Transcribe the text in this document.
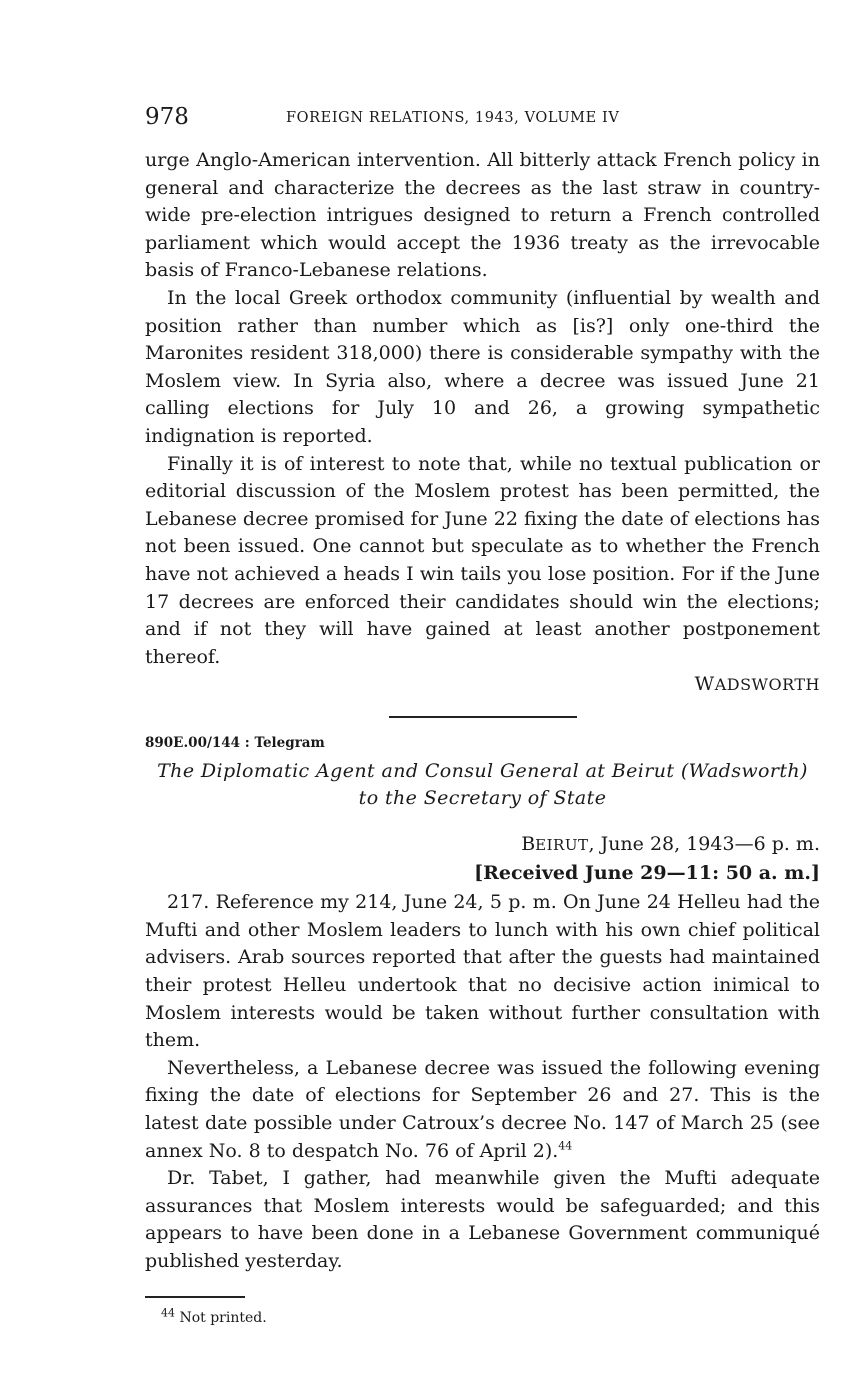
978	FOREIGN RELATIONS, 1943, VOLUME IV

urge Anglo-American intervention. All bitterly attack French policy in general and characterize the decrees as the last straw in country-wide pre-election intrigues designed to return a French controlled parliament which would accept the 1936 treaty as the irrevocable basis of Franco-Lebanese relations.

In the local Greek orthodox community (influential by wealth and position rather than number which as [is?] only one-third the Maronites resident 318,000) there is considerable sympathy with the Moslem view. In Syria also, where a decree was issued June 21 calling elections for July 10 and 26, a growing sympathetic indignation is reported.

Finally it is of interest to note that, while no textual publication or editorial discussion of the Moslem protest has been permitted, the Lebanese decree promised for June 22 fixing the date of elections has not been issued. One cannot but speculate as to whether the French have not achieved a heads I win tails you lose position. For if the June 17 decrees are enforced their candidates should win the elections; and if not they will have gained at least another postponement thereof.

WADSWORTH
890E.00/144 : Telegram
The Diplomatic Agent and Consul General at Beirut (Wadsworth)
to the Secretary of State
BEIRUT, June 28, 1943—6 p. m.
[Received June 29—11: 50 a. m.]

217. Reference my 214, June 24, 5 p. m. On June 24 Helleu had the Mufti and other Moslem leaders to lunch with his own chief political advisers. Arab sources reported that after the guests had maintained their protest Helleu undertook that no decisive action inimical to Moslem interests would be taken without further consultation with them.

Nevertheless, a Lebanese decree was issued the following evening fixing the date of elections for September 26 and 27. This is the latest date possible under Catroux’s decree No. 147 of March 25 (see annex No. 8 to despatch No. 76 of April 2).$^{44}$

Dr. Tabet, I gather, had meanwhile given the Mufti adequate assurances that Moslem interests would be safeguarded; and this appears to have been done in a Lebanese Government communiqué published yesterday.

$^{44}$ Not printed.
